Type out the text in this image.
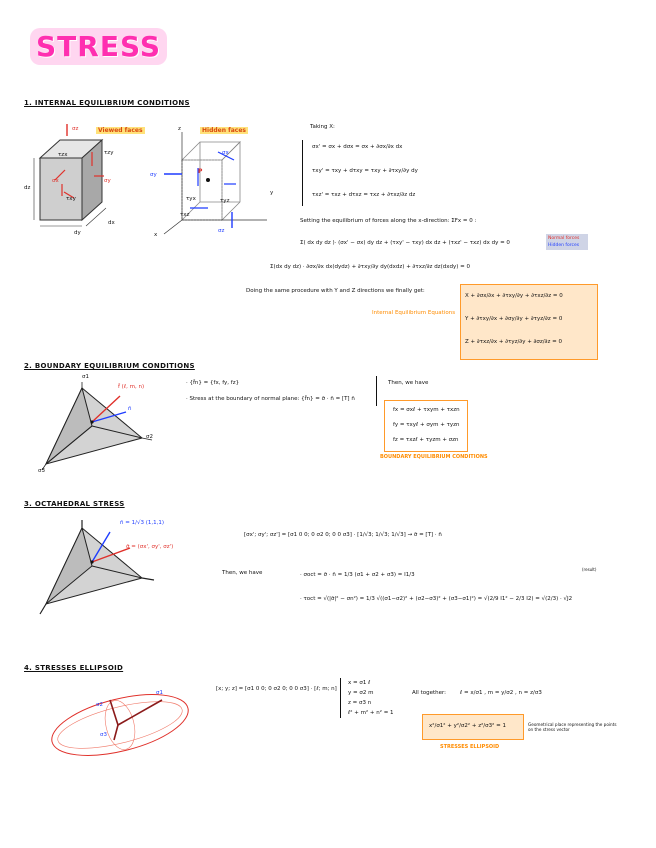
STRESS
1. INTERNAL EQUILIBRIUM CONDITIONS
Viewed faces	Hidden faces
P
dz
dy
dx
z
y
x
σz
τzx	τzy
σx
τxy
σy
σy
σx
τyx
τxz
τyz
σz
Taking X:
σx' = σx + dσx = σx + ∂σx/∂x dx
τxy' = τxy + dτxy = τxy + ∂τxy/∂y dy
τxz' = τxz + dτxz = τxz + ∂τxz/∂z dz
Setting the equilibrium of forces along the x-direction: ΣFx = 0 :
Σ( dx dy dz )· (σx' − σx) dy dz + (τxy' − τxy) dx dz + (τxz' − τxz) dx dy = 0
Normal forces
Hidden forces
Σ(dx dy dz) · ∂σx/∂x dx(dydz) + ∂τxy/∂y dy(dxdz) + ∂τxz/∂z dz(dxdy) = 0
Doing the same procedure with Y and Z directions we finally get:
Internal Equilibrium Equations
X + ∂σx/∂x + ∂τxy/∂y + ∂τxz/∂z = 0
Y + ∂τxy/∂x + ∂σy/∂y + ∂τyz/∂z = 0
Z + ∂τxz/∂x + ∂τyz/∂y + ∂σz/∂z = 0
2. BOUNDARY EQUILIBRIUM CONDITIONS
f̄ (ℓ, m, n)
n̄
σ1
σ2
σ3
· {f̄n} = {fx, fy, fz}
· Stress at the boundary of normal plane: {f̄n} = σ̄ · n̄ = [T] n̄
Then, we have
fx = σxℓ + τxym + τxzn
fy = τxyℓ + σym + τyzn
fz = τxzℓ + τyzm + σzn
BOUNDARY EQUILIBRIUM CONDITIONS
3. OCTAHEDRAL STRESS
n̄ = 1/√3 (1,1,1)
σ̄ = (σx', σy', σz')
[σx'; σy'; σz'] = [σ1 0 0; 0 σ2 0; 0 0 σ3] · [1/√3; 1/√3; 1/√3] → σ̄ = [T] · n̄
Then, we have	· σoct = σ̄ · n̄ = 1/3 (σ1 + σ2 + σ3) = I1/3
· τoct = √(|σ̄|² − σn²) = 1/3 √((σ1−σ2)² + (σ2−σ3)² + (σ3−σ1)²) = √(2/9 I1² − 2/3 I2) = √(2/3) · √J2
(result)
4. STRESSES ELLIPSOID
σ1
σ2
σ3
[x; y; z] = [σ1 0 0; 0 σ2 0; 0 0 σ3] · [ℓ; m; n]
x = σ1 ℓ
y = σ2 m
z = σ3 n
ℓ² + m² + n² = 1
All together:	ℓ = x/σ1 , m = y/σ2 , n = z/σ3
x²/σ1² + y²/σ2² + z²/σ3² = 1	Geometrical place representing the points on the stress vector
STRESSES ELLIPSOID
